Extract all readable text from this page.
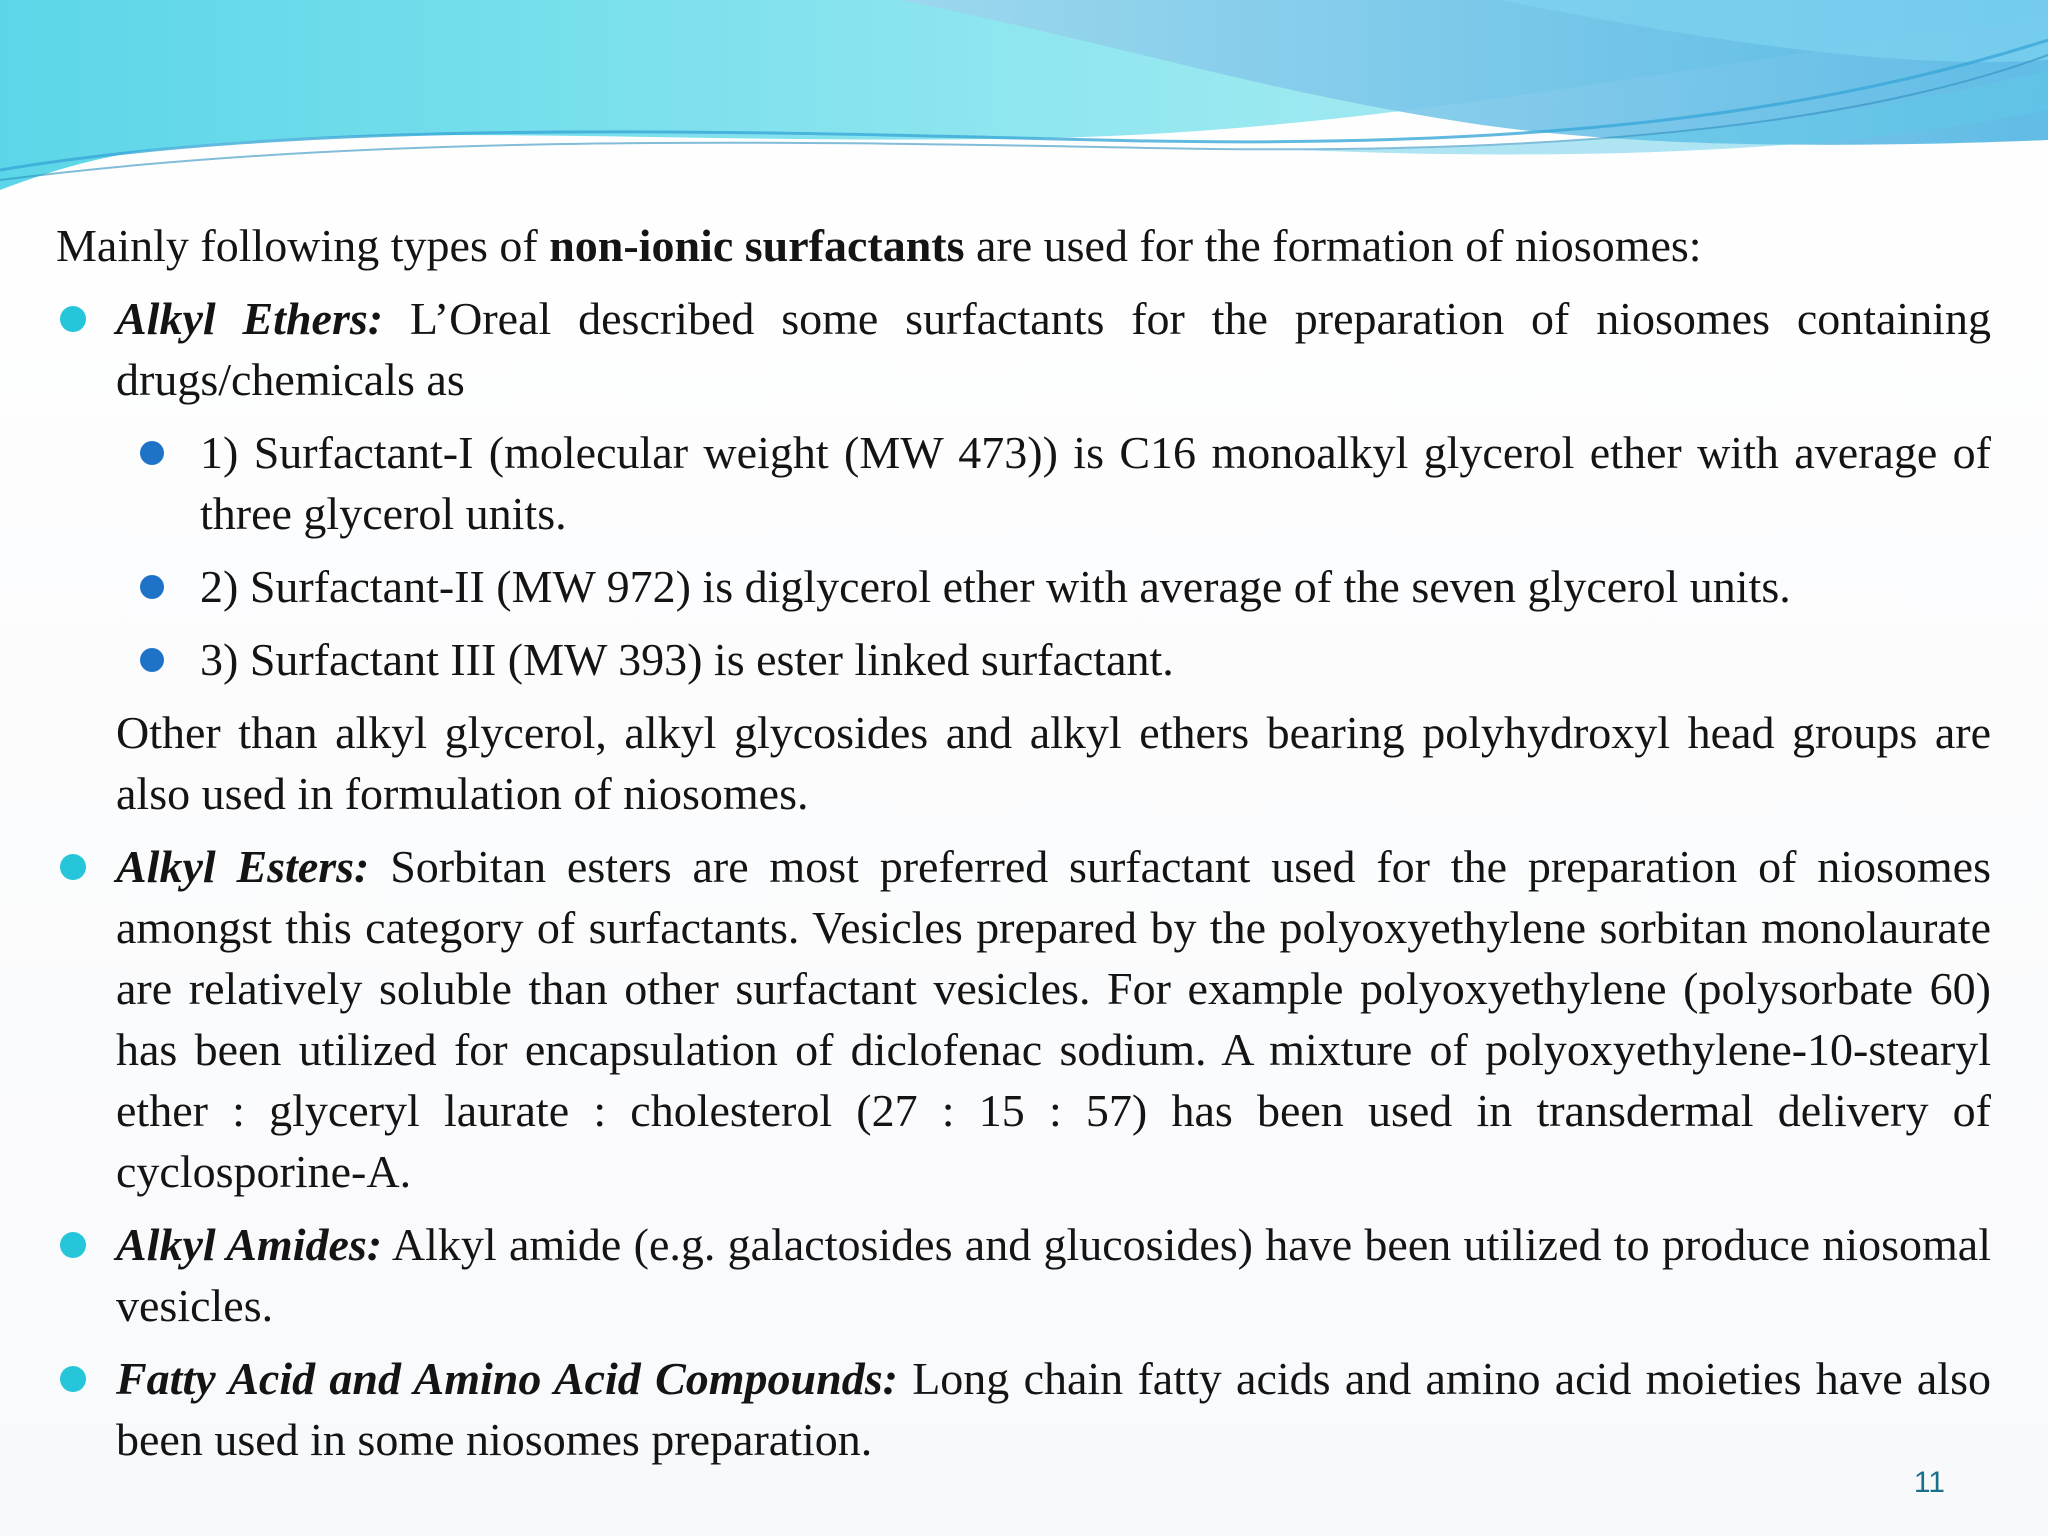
Mainly following types of non-ionic surfactants are used for the formation of niosomes:

Alkyl Ethers: L’Oreal described some surfactants for the preparation of niosomes containing drugs/chemicals as
1) Surfactant-I (molecular weight (MW 473)) is C16 monoalkyl glycerol ether with average of three glycerol units.
2) Surfactant-II (MW 972) is diglycerol ether with average of the seven glycerol units.
3) Surfactant III (MW 393) is ester linked surfactant.

Other than alkyl glycerol, alkyl glycosides and alkyl ethers bearing polyhydroxyl head groups are also used in formulation of niosomes.

Alkyl Esters: Sorbitan esters are most preferred surfactant used for the preparation of niosomes amongst this category of surfactants. Vesicles prepared by the polyoxyethylene sorbitan monolaurate are relatively soluble than other surfactant vesicles. For example polyoxyethylene (polysorbate 60) has been utilized for encapsulation of diclofenac sodium. A mixture of polyoxyethylene-10-stearyl ether : glyceryl laurate : cholesterol (27 : 15 : 57) has been used in transdermal delivery of cyclosporine-A.
Alkyl Amides: Alkyl amide (e.g. galactosides and glucosides) have been utilized to produce niosomal vesicles.
Fatty Acid and Amino Acid Compounds: Long chain fatty acids and amino acid moieties have also been used in some niosomes preparation.
11
